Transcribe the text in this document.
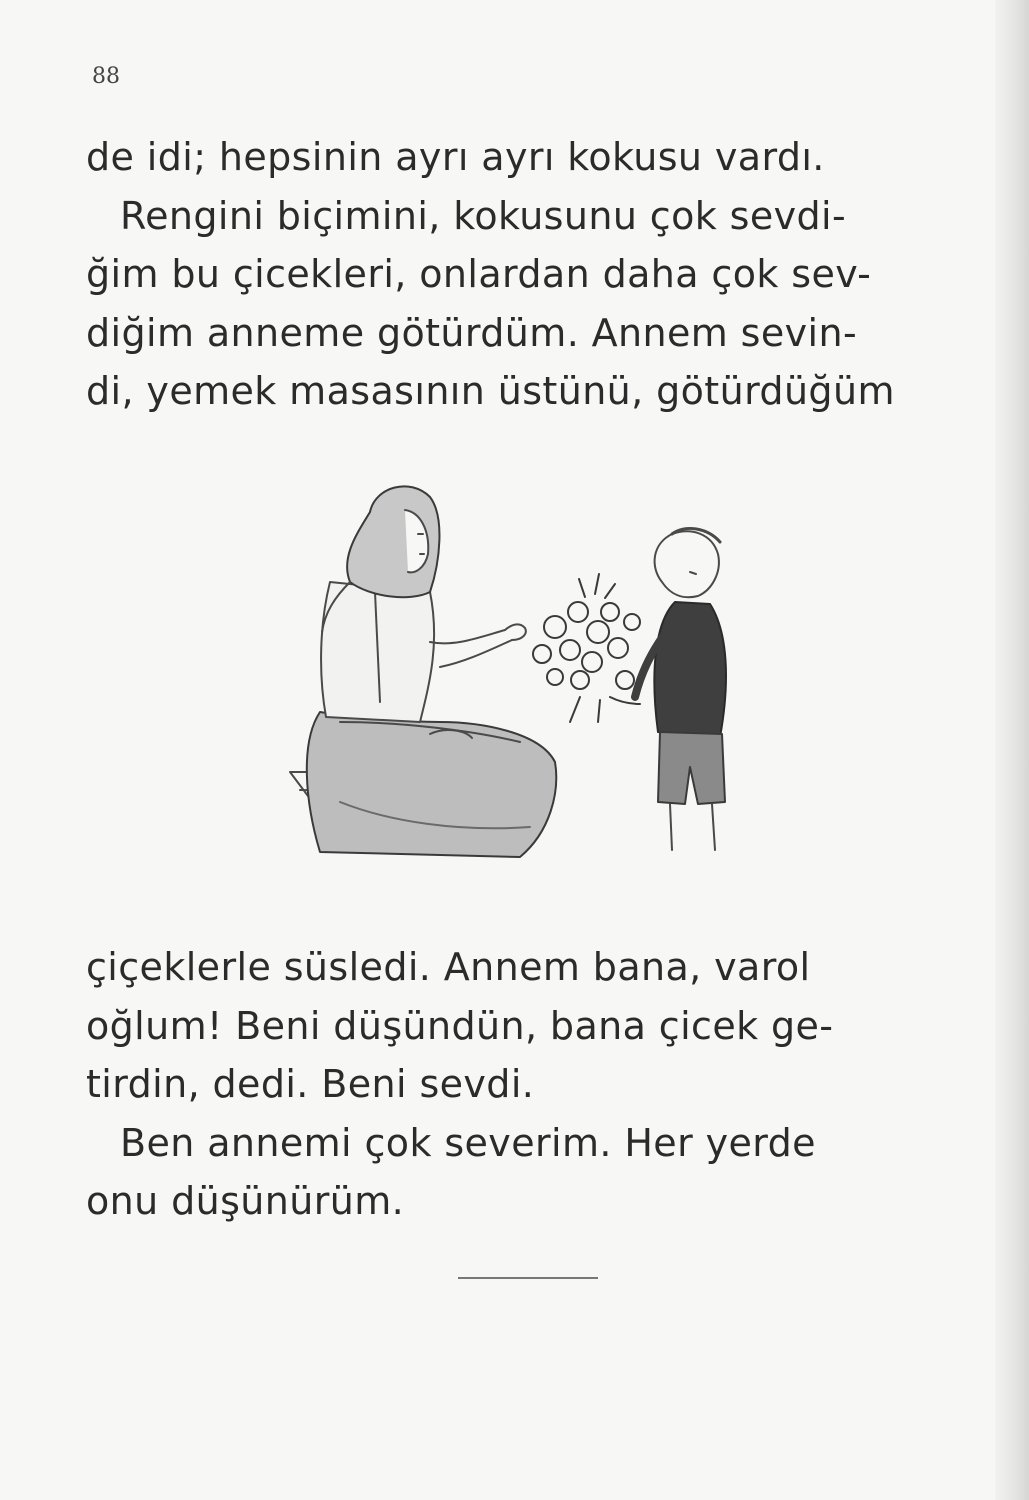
88
de idi; hepsinin ayrı ayrı kokusu vardı.
Rengini biçimini, kokusunu çok sevdi-
ğim bu çicekleri, onlardan daha çok sev-
diğim anneme götürdüm. Annem sevin-
di, yemek masasının üstünü, götürdüğüm
çiçeklerle süsledi. Annem bana, varol
oğlum! Beni düşündün, bana çicek ge-
tirdin, dedi. Beni sevdi.
Ben annemi çok severim. Her yerde
onu düşünürüm.
